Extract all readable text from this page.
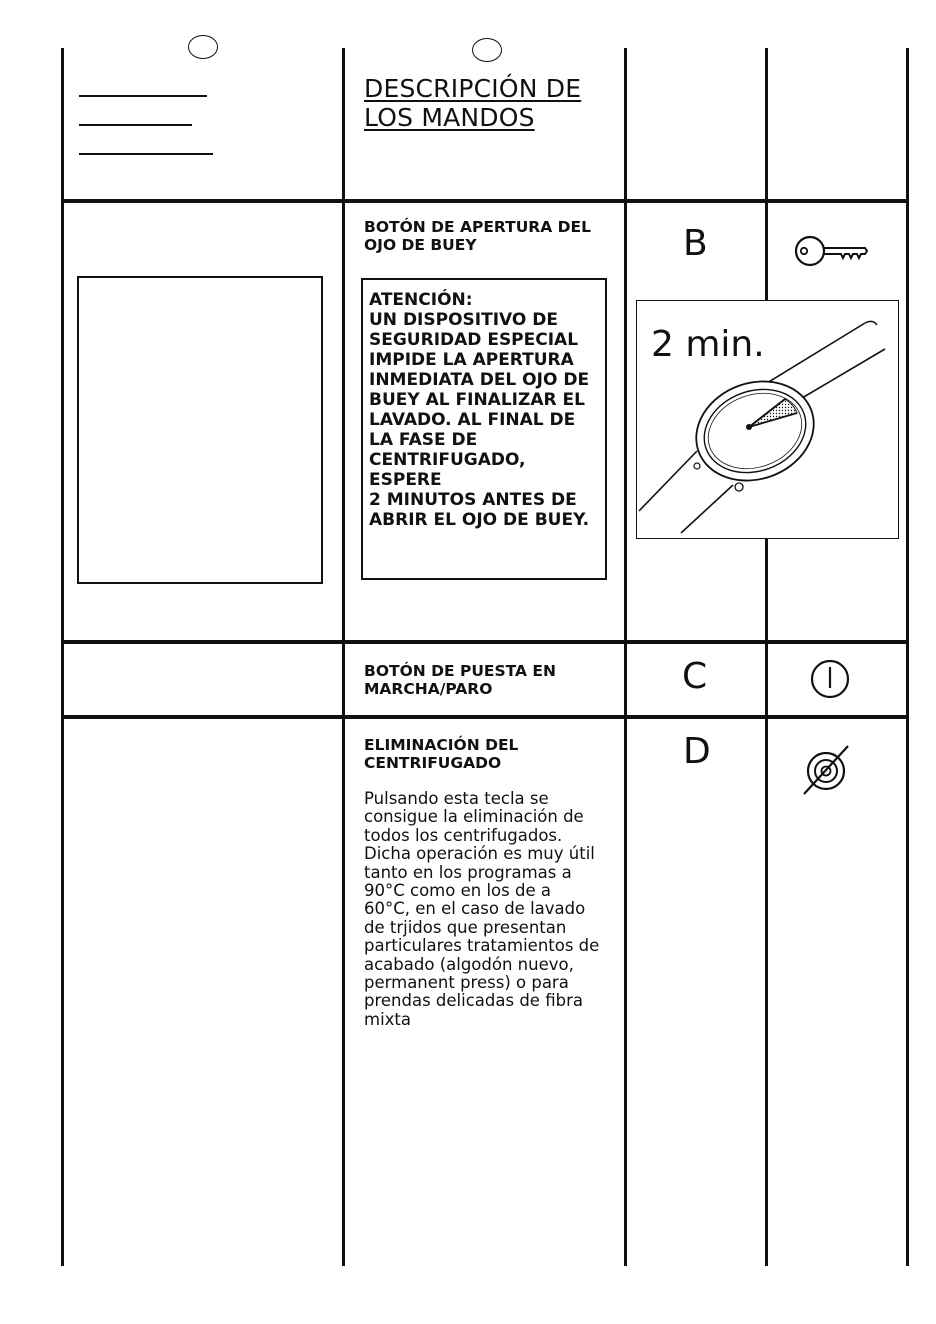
DESCRIPCIÓN DE
LOS MANDOS
BOTÓN DE APERTURA DEL
OJO DE BUEY	B
ATENCIÓN:
UN DISPOSITIVO DE
SEGURIDAD ESPECIAL
IMPIDE LA APERTURA
INMEDIATA DEL OJO DE
BUEY AL FINALIZAR EL
LAVADO. AL FINAL DE
LA FASE DE
CENTRIFUGADO, ESPERE
2 MINUTOS ANTES DE
ABRIR EL OJO DE BUEY.
2 min.
BOTÓN DE PUESTA EN
MARCHA/PARO	C
ELIMINACIÓN DEL
CENTRIFUGADO	D
Pulsando esta tecla se
consigue la eliminación de
todos los centrifugados.
Dicha operación es muy útil
tanto en los programas a
90°C como en los de a
60°C, en el caso de lavado
de trjidos que presentan
particulares tratamientos de
acabado (algodón nuevo,
permanent press) o para
prendas delicadas de fibra
mixta
